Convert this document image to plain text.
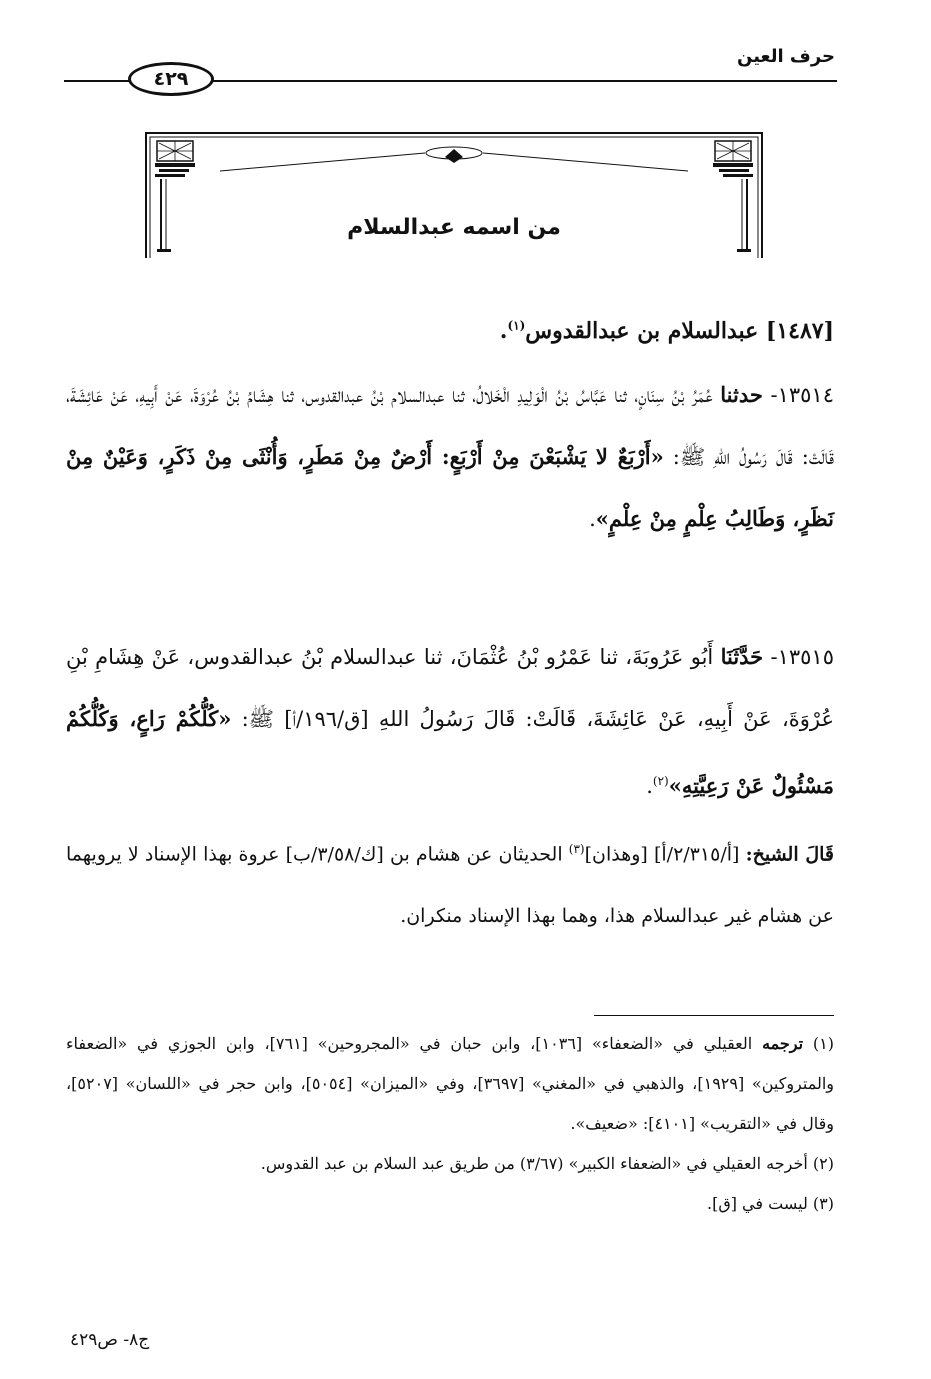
حرف العين
٤٢٩
من اسمه عبدالسلام
[١٤٨٧] عبدالسلام بن عبدالقدوس$^{(١)}$.
١٣٥١٤- حدثنا عُمَرُ بْنُ سِنَانٍ، ثنا عَبَّاسُ بْنُ الْوَلِيدِ الْخَلالُ، ثنا عبدالسلام بْنُ عبدالقدوس، ثنا هِشَامُ بْنُ عُرْوَةَ، عَنْ أَبِيهِ، عَنْ عَائِشَةَ، قَالَتْ: قَالَ رَسُولُ اللهِ ﷺ: «أَرْبَعٌ لا يَشْبَعْنَ مِنْ أَرْبَعٍ: أَرْضٌ مِنْ مَطَرٍ، وَأُنْثَى مِنْ ذَكَرٍ، وَعَيْنٌ مِنْ نَظَرٍ، وَطَالِبُ عِلْمٍ مِنْ عِلْمٍ».
١٣٥١٥- حَدَّثَنَا أَبُو عَرُوبَةَ، ثنا عَمْرُو بْنُ عُثْمَانَ، ثنا عبدالسلام بْنُ عبدالقدوس، عَنْ هِشَامِ بْنِ عُرْوَةَ، عَنْ أَبِيهِ، عَنْ عَائِشَةَ، قَالَتْ: قَالَ رَسُولُ اللهِ [ق/١٩٦/أ] ﷺ: «كُلُّكُمْ رَاعٍ، وَكُلُّكُمْ مَسْئُولٌ عَنْ رَعِيَّتِهِ»$^{(٢)}$.
قَالَ الشيخ: [أ/٢/٣١٥/أ] [وهذان]$^{(٣)}$ الحديثان عن هشام بن [ك/٣/٥٨/ب] عروة بهذا الإسناد لا يرويهما عن هشام غير عبدالسلام هذا، وهما بهذا الإسناد منكران.

(١) ترجمه العقيلي في «الضعفاء» [١٠٣٦]، وابن حبان في «المجروحين» [٧٦١]، وابن الجوزي في «الضعفاء والمتروكين» [١٩٢٩]، والذهبي في «المغني» [٣٦٩٧]، وفي «الميزان» [٥٠٥٤]، وابن حجر في «اللسان» [٥٢٠٧]، وقال في «التقريب» [٤١٠١]: «ضعيف».

(٢) أخرجه العقيلي في «الضعفاء الكبير» (٣/٦٧) من طريق عبد السلام بن عبد القدوس.

(٣) ليست في [ق].

ج٨- ص٤٢٩
